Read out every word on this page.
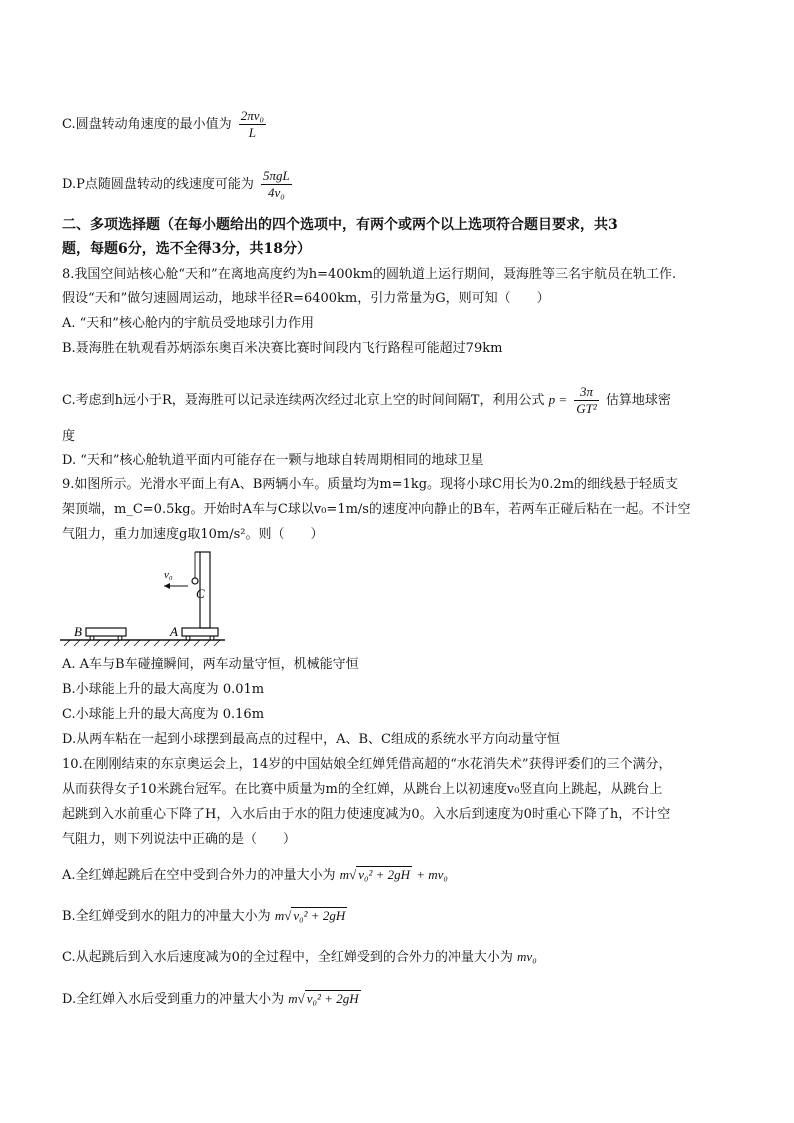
C.圆盘转动角速度的最小值为 $\frac{\text{2πv₀}}{L}$
D.P点随圆盘转动的线速度可能为 $\frac{\text{5πgL}}{\text{4v₀}}$
二、多项选择题（在每小题给出的四个选项中，有两个或两个以上选项符合题目要求，共3
题，每题6分，选不全得3分，共18分）
8.我国空间站核心舱“天和”在离地高度约为h=400km的圆轨道上运行期间，聂海胜等三名宇航员在轨工作.
假设“天和”做匀速圆周运动，地球半径R=6400km，引力常量为G，则可知（　　）
A. “天和”核心舱内的宇航员受地球引力作用
B.聂海胜在轨观看苏炳添东奥百米决赛比赛时间段内飞行路程可能超过79km
C.考虑到h远小于R，聂海胜可以记录连续两次经过北京上空的时间间隔T，利用公式 $p = \frac{3\pi}{\text{GT²}}$ 估算地球密
度
D. “天和”核心舱轨道平面内可能存在一颗与地球自转周期相同的地球卫星
9.如图所示。光滑水平面上有A、B两辆小车。质量均为m=1kg。现将小球C用长为0.2m的细线悬于轻质支
架顶端，m_C=0.5kg。开始时A车与C球以v₀=1m/s的速度冲向静止的B车，若两车正碰后粘在一起。不计空
气阻力，重力加速度g取10m/s²。则（　　）
B	A
C
v₀
A. A车与B车碰撞瞬间，两车动量守恒，机械能守恒
B.小球能上升的最大高度为 0.01m
C.小球能上升的最大高度为 0.16m
D.从两车粘在一起到小球摆到最高点的过程中，A、B、C组成的系统水平方向动量守恒
10.在刚刚结束的东京奥运会上，14岁的中国姑娘全红婵凭借高超的“水花消失术”获得评委们的三个满分，
从而获得女子10米跳台冠军。在比赛中质量为m的全红婵，从跳台上以初速度v₀竖直向上跳起，从跳台上
起跳到入水前重心下降了H，入水后由于水的阻力使速度减为0。入水后到速度为0时重心下降了h，不计空
气阻力，则下列说法中正确的是（　　）
A.全红婵起跳后在空中受到合外力的冲量大小为 m√ v₀² + 2gH + mv₀
B.全红婵受到水的阻力的冲量大小为 m√ v₀² + 2gH
C.从起跳后到入水后速度减为0的全过程中，全红婵受到的合外力的冲量大小为 mv₀
D.全红婵入水后受到重力的冲量大小为 m√ v₀² + 2gH
